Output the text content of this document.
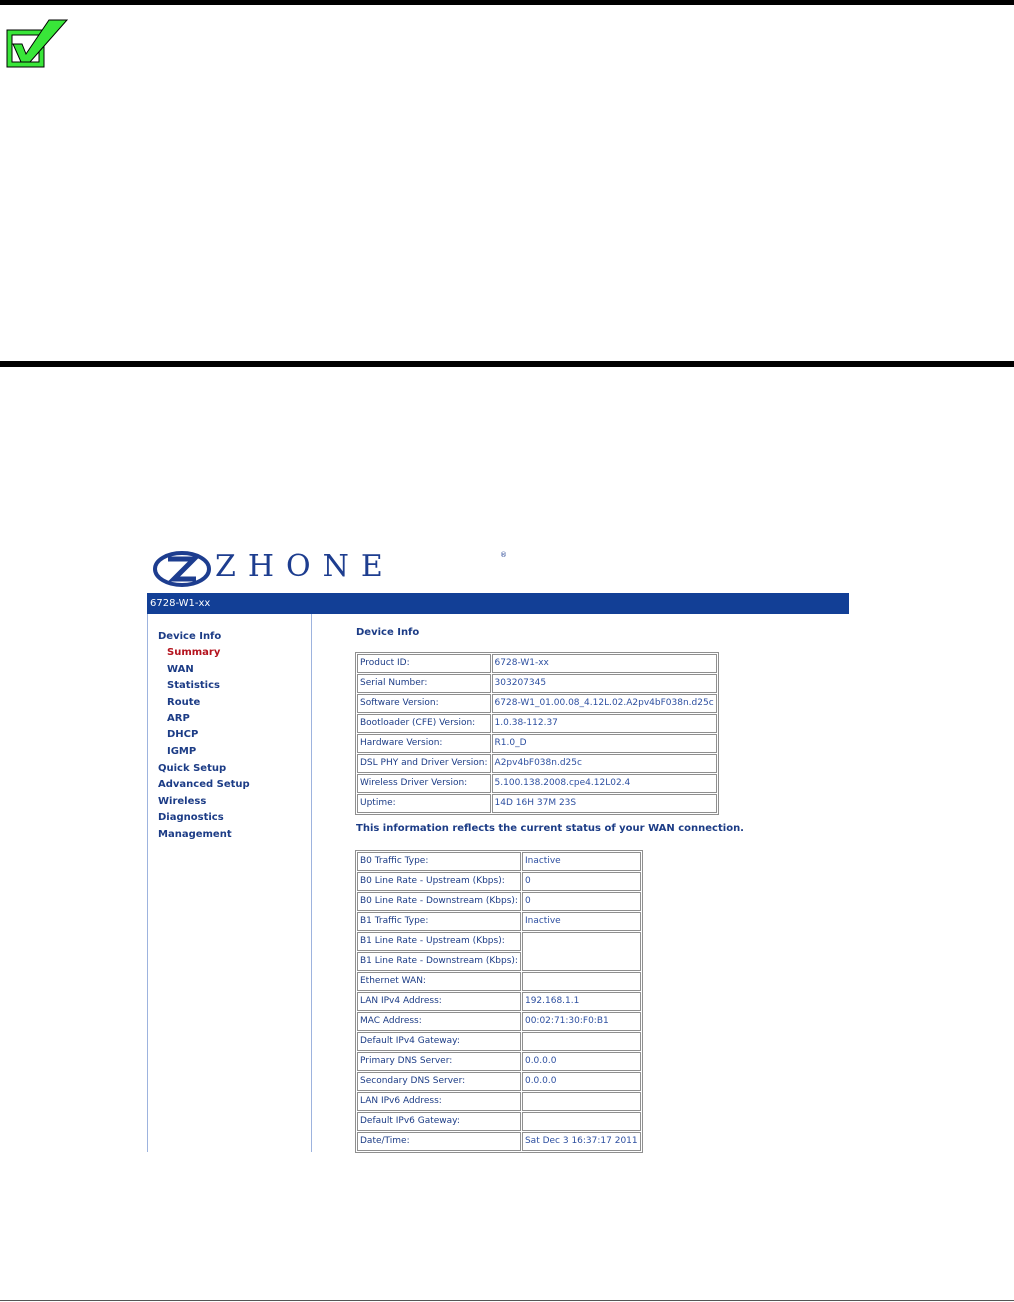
ZHONE	®
6728-W1-xx
Device Info
Summary
WAN
Statistics
Route
ARP
DHCP
IGMP
Quick Setup
Advanced Setup
Wireless
Diagnostics
Management
Device Info
Product ID:	6728-W1-xx
Serial Number:	303207345
Software Version:	6728-W1_01.00.08_4.12L.02.A2pv4bF038n.d25c
Bootloader (CFE) Version:	1.0.38-112.37
Hardware Version:	R1.0_D
DSL PHY and Driver Version:	A2pv4bF038n.d25c
Wireless Driver Version:	5.100.138.2008.cpe4.12L02.4
Uptime:	14D 16H 37M 23S
This information reflects the current status of your WAN connection.
B0 Traffic Type:	Inactive
B0 Line Rate - Upstream (Kbps):	0
B0 Line Rate - Downstream (Kbps):	0
B1 Traffic Type:	Inactive
B1 Line Rate - Upstream (Kbps):	
B1 Line Rate - Downstream (Kbps):	
Ethernet WAN:	
LAN IPv4 Address:	192.168.1.1
MAC Address:	00:02:71:30:F0:B1
Default IPv4 Gateway:	
Primary DNS Server:	0.0.0.0
Secondary DNS Server:	0.0.0.0
LAN IPv6 Address:	
Default IPv6 Gateway:	
Date/Time:	Sat Dec 3 16:37:17 2011
